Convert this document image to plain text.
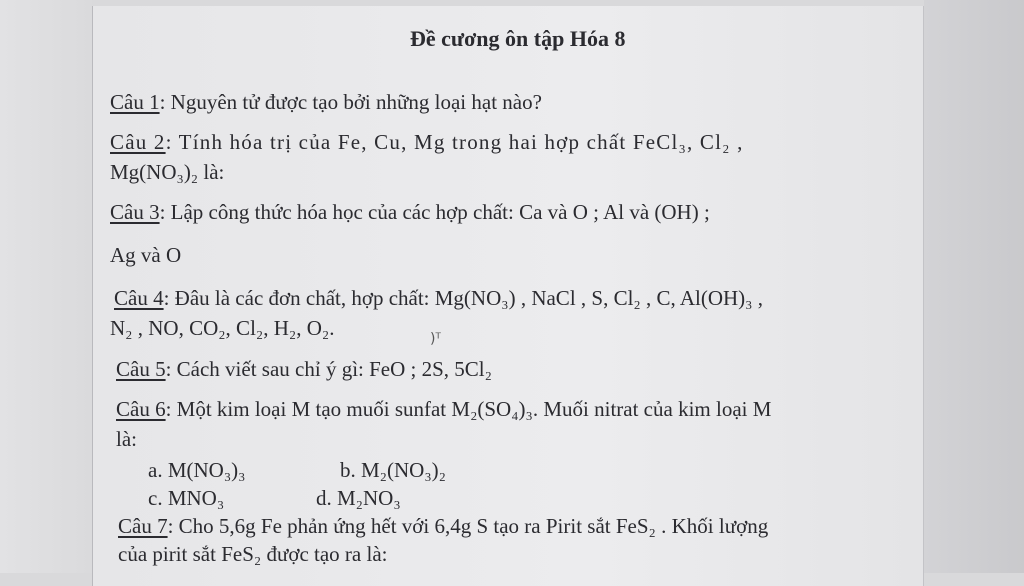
Đề cương ôn tập Hóa 8
Câu 1: Nguyên tử được tạo bởi những loại hạt nào?
Câu 2: Tính hóa trị của Fe, Cu, Mg trong hai hợp chất FeCl₃, Cl₂ ,
Mg(NO₃)₂ là:
Câu 3: Lập công thức hóa học của các hợp chất: Ca và O ; Al và (OH) ;
Ag và O
Câu 4: Đâu là các đơn chất, hợp chất: Mg(NO₃) , NaCl , S, Cl₂ , C, Al(OH)₃ ,
N₂ , NO, CO₂, Cl₂, H₂, O₂.	)ᵀ
Câu 5: Cách viết sau chỉ ý gì: FeO ; 2S, 5Cl₂
Câu 6: Một kim loại M tạo muối sunfat M₂(SO₄)₃. Muối nitrat của kim loại M
là:
a. M(NO₃)₃	b. M₂(NO₃)₂
c. MNO₃	d. M₂NO₃
Câu 7: Cho 5,6g Fe phản ứng hết với 6,4g S tạo ra Pirit sắt FeS₂ . Khối lượng
của pirit sắt FeS₂ được tạo ra là:
